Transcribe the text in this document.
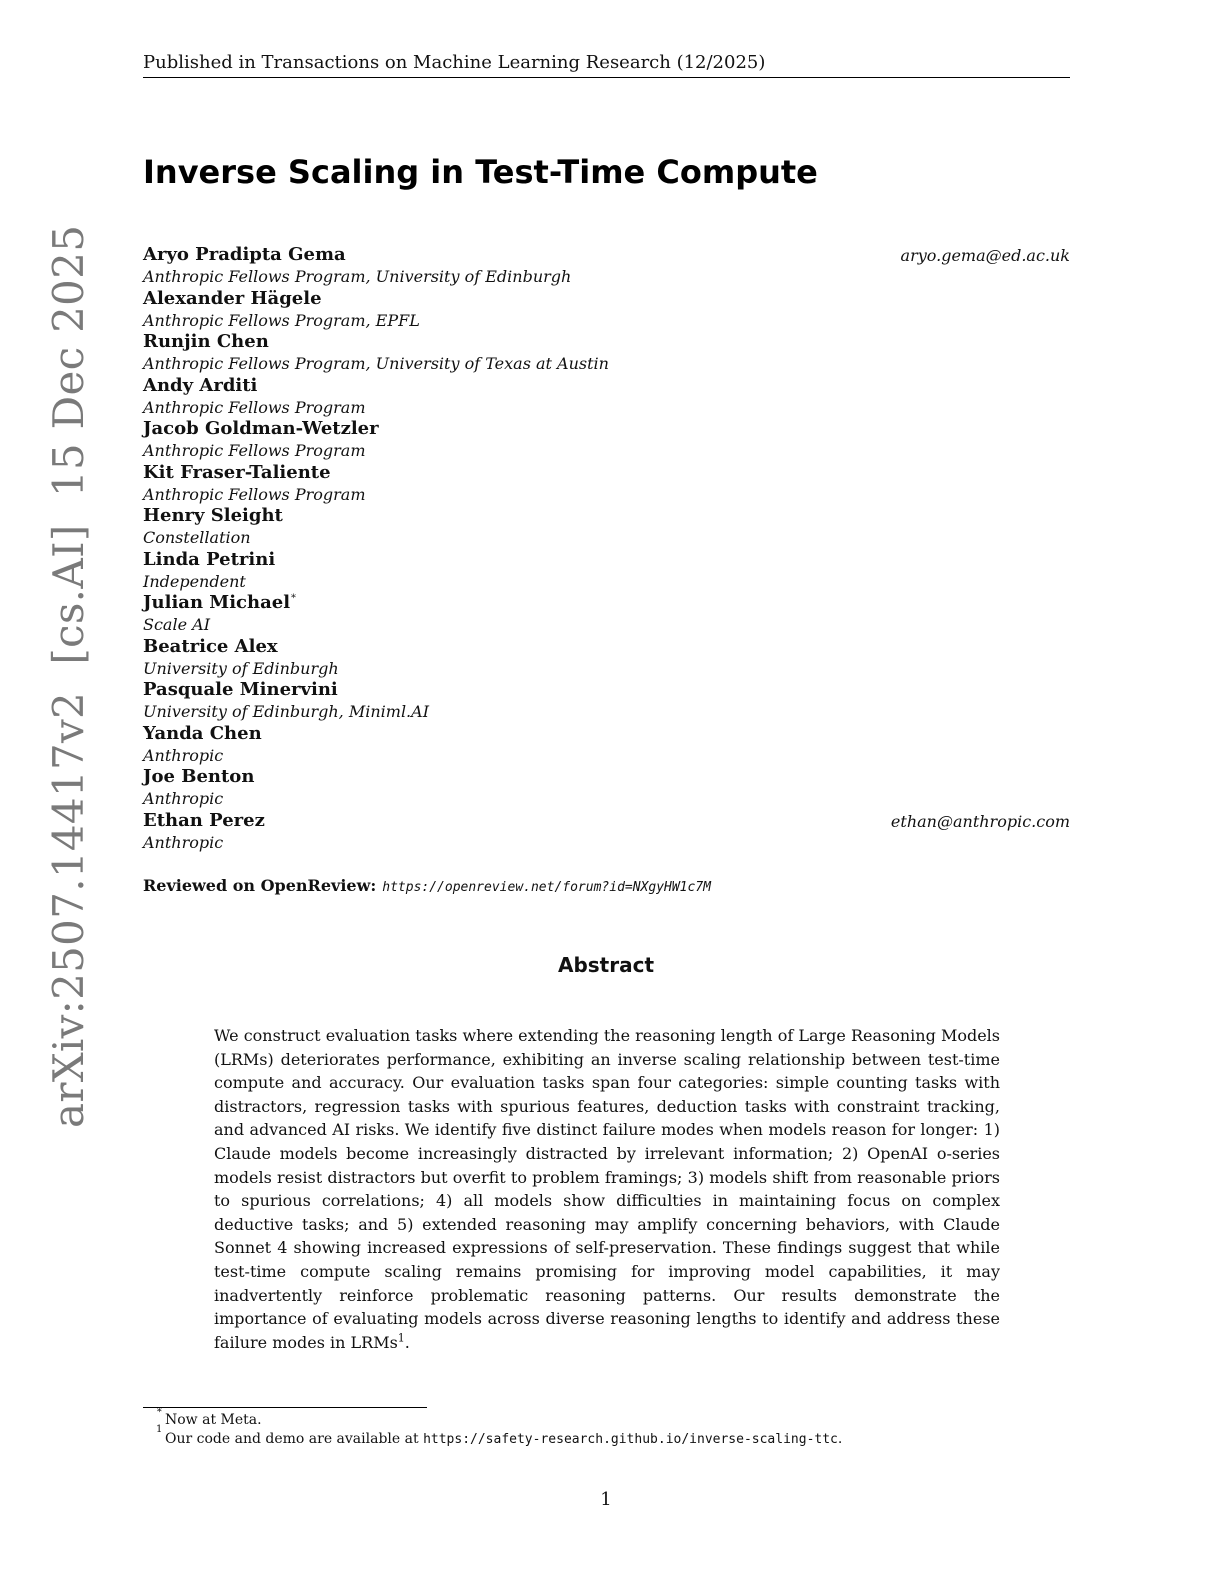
Published in Transactions on Machine Learning Research (12/2025)
Inverse Scaling in Test-Time Compute
Aryo Pradipta Gema
Anthropic Fellows Program, University of Edinburgh
aryo.gema@ed.ac.uk
Alexander Hägele
Anthropic Fellows Program, EPFL
Runjin Chen
Anthropic Fellows Program, University of Texas at Austin
Andy Arditi
Anthropic Fellows Program
Jacob Goldman-Wetzler
Anthropic Fellows Program
Kit Fraser-Taliente
Anthropic Fellows Program
Henry Sleight
Constellation
Linda Petrini
Independent
Julian Michael∗
Scale AI
Beatrice Alex
University of Edinburgh
Pasquale Minervini
University of Edinburgh, Miniml.AI
Yanda Chen
Anthropic
Joe Benton
Anthropic
Ethan Perez
Anthropic
ethan@anthropic.com
Reviewed on OpenReview: https://openreview.net/forum?id=NXgyHW1c7M
Abstract
We construct evaluation tasks where extending the reasoning length of Large Reasoning Models (LRMs) deteriorates performance, exhibiting an inverse scaling relationship between test-time compute and accuracy. Our evaluation tasks span four categories: simple counting tasks with distractors, regression tasks with spurious features, deduction tasks with constraint tracking, and advanced AI risks. We identify five distinct failure modes when models reason for longer: 1) Claude models become increasingly distracted by irrelevant information; 2) OpenAI o-series models resist distractors but overfit to problem framings; 3) models shift from reasonable priors to spurious correlations; 4) all models show difficulties in maintaining focus on complex deductive tasks; and 5) extended reasoning may amplify concerning behaviors, with Claude Sonnet 4 showing increased expressions of self-preservation. These findings suggest that while test-time compute scaling remains promising for improving model capabilities, it may inadvertently reinforce problematic reasoning patterns. Our results demonstrate the importance of evaluating models across diverse reasoning lengths to identify and address these failure modes in LRMs$^1$.
∗
Now at Meta.
1
Our code and demo are available at https://safety-research.github.io/inverse-scaling-ttc.
1
arXiv:2507.14417v2  [cs.AI]  15 Dec 2025
